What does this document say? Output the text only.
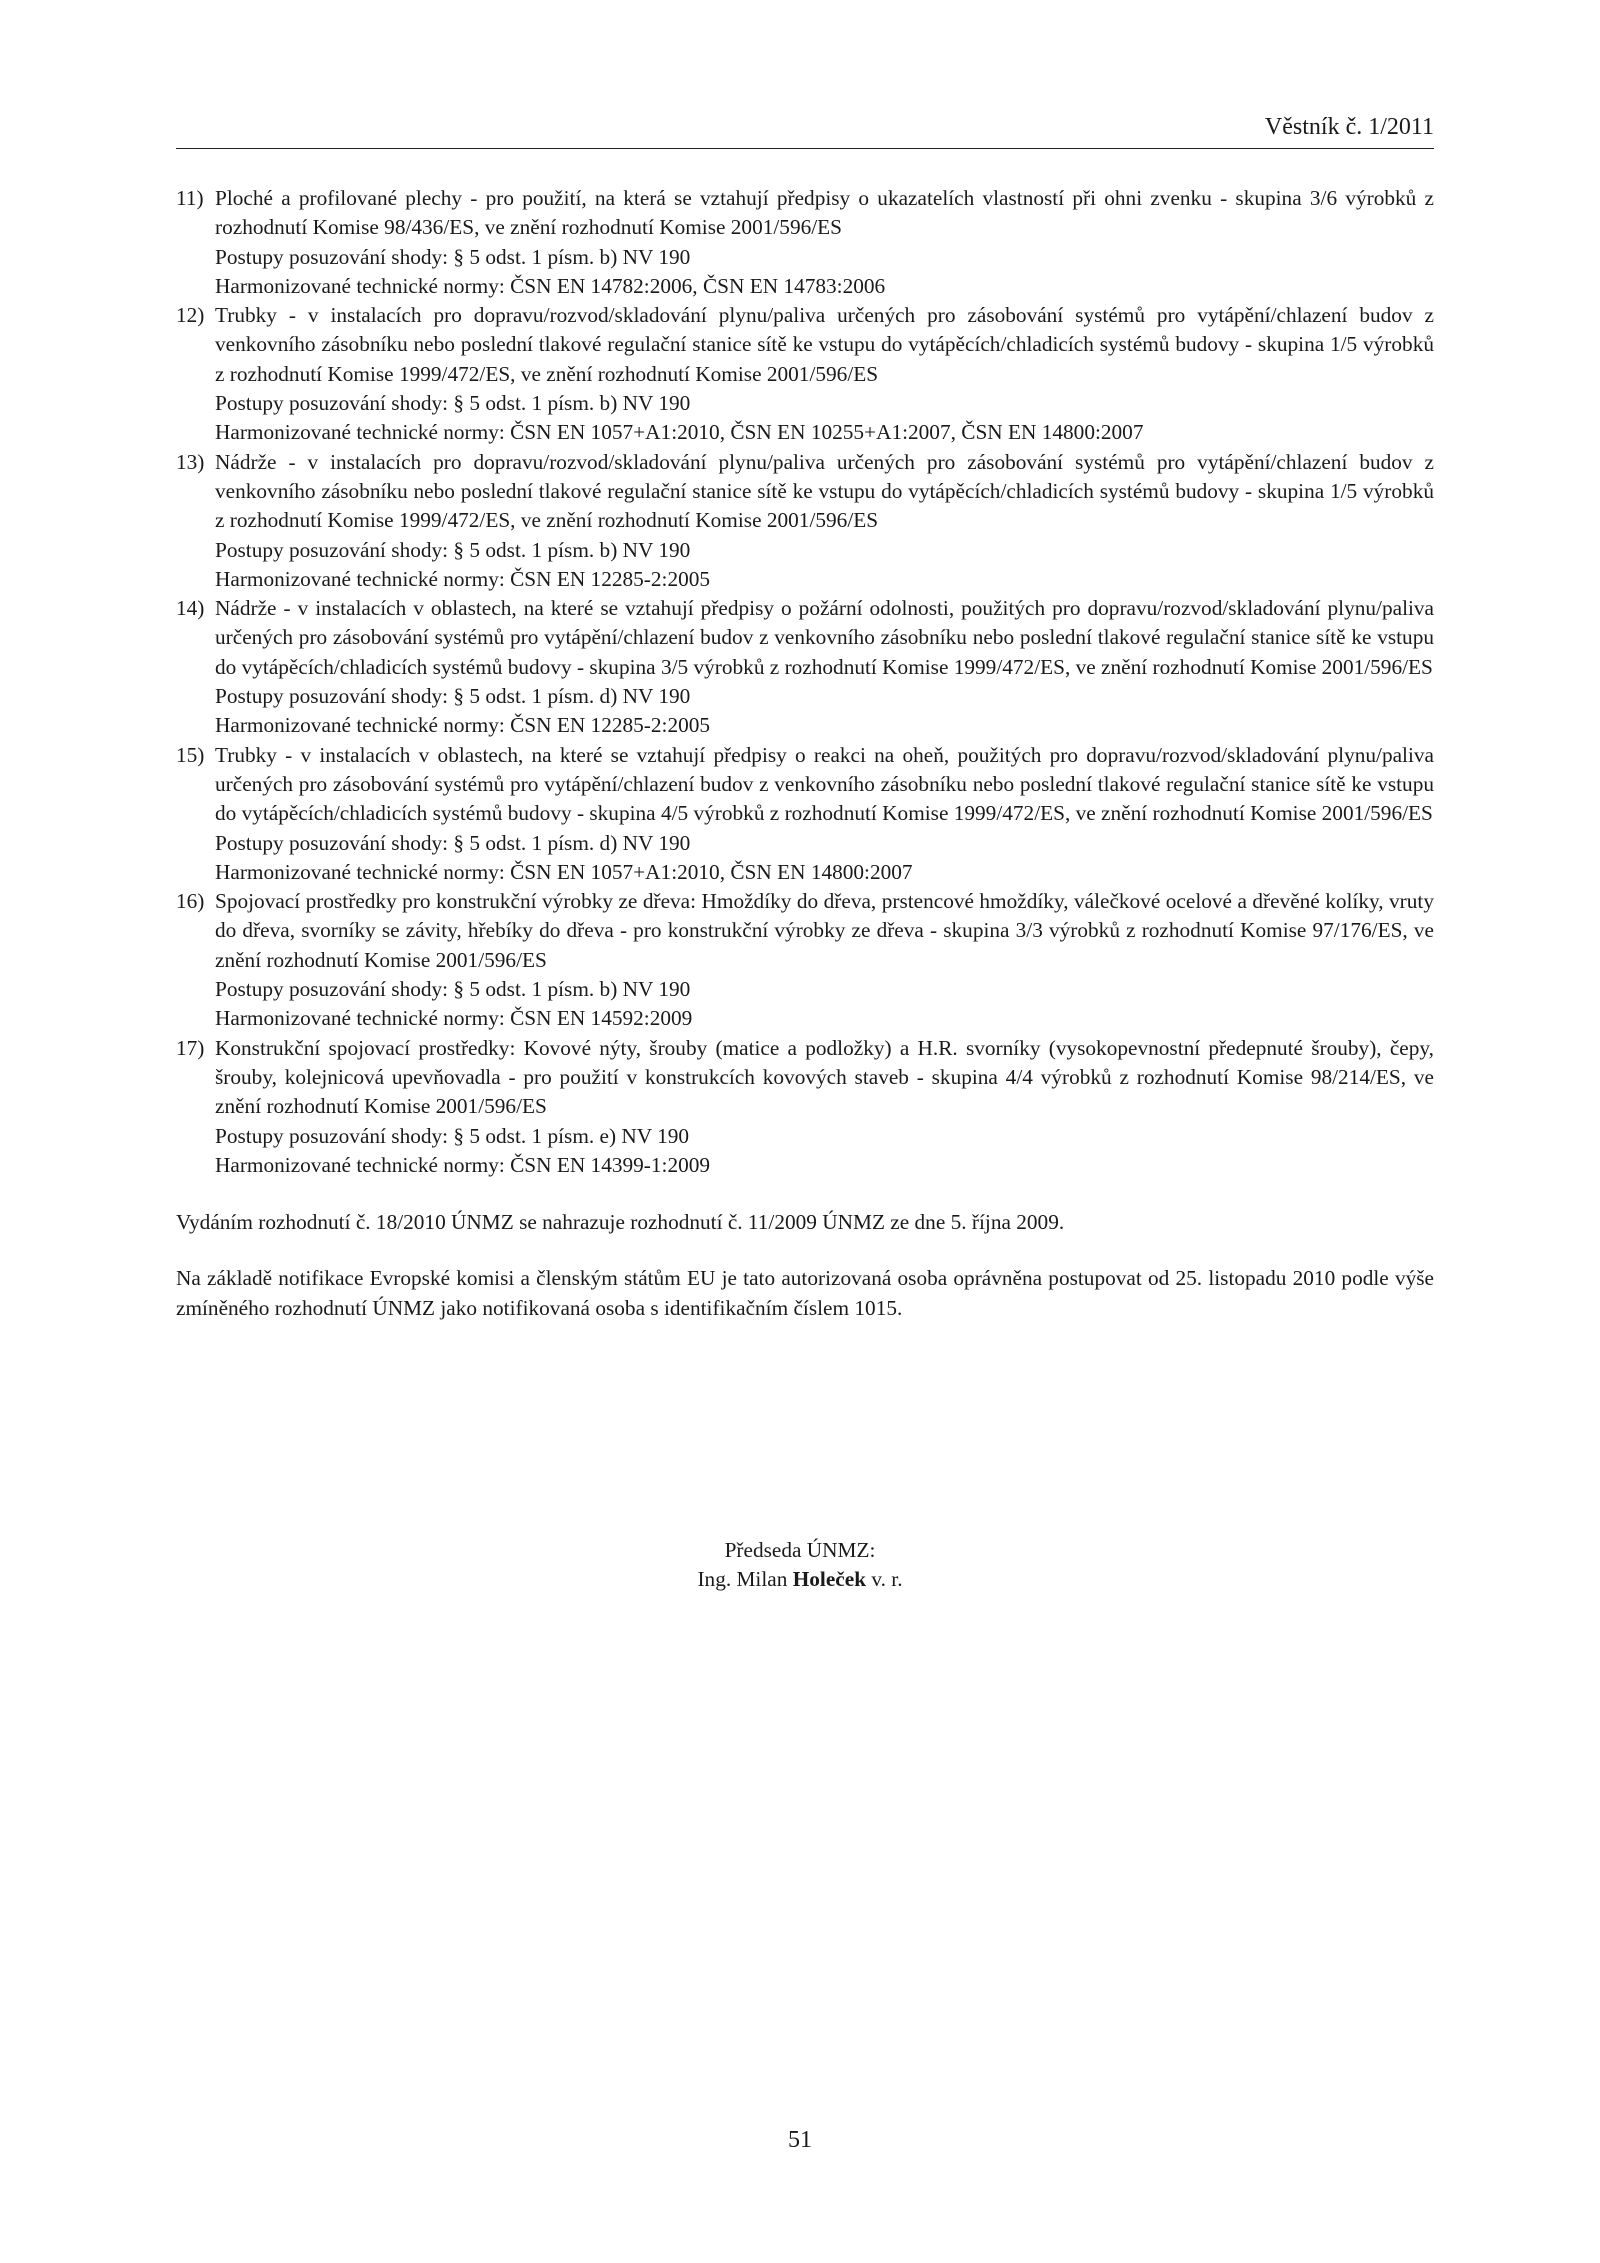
Věstník č. 1/2011
11) Ploché a profilované plechy - pro použití, na která se vztahují předpisy o ukazatelích vlastností při ohni zvenku - skupina 3/6 výrobků z rozhodnutí Komise 98/436/ES, ve znění rozhodnutí Komise 2001/596/ES
Postupy posuzování shody: § 5 odst. 1 písm. b) NV 190
Harmonizované technické normy: ČSN EN 14782:2006, ČSN EN 14783:2006
12) Trubky - v instalacích pro dopravu/rozvod/skladování plynu/paliva určených pro zásobování systémů pro vytápění/chlazení budov z venkovního zásobníku nebo poslední tlakové regulační stanice sítě ke vstupu do vytápěcích/chladicích systémů budovy - skupina 1/5 výrobků z rozhodnutí Komise 1999/472/ES, ve znění rozhodnutí Komise 2001/596/ES
Postupy posuzování shody: § 5 odst. 1 písm. b) NV 190
Harmonizované technické normy: ČSN EN 1057+A1:2010, ČSN EN 10255+A1:2007, ČSN EN 14800:2007
13) Nádrže - v instalacích pro dopravu/rozvod/skladování plynu/paliva určených pro zásobování systémů pro vytápění/chlazení budov z venkovního zásobníku nebo poslední tlakové regulační stanice sítě ke vstupu do vytápěcích/chladicích systémů budovy - skupina 1/5 výrobků z rozhodnutí Komise 1999/472/ES, ve znění rozhodnutí Komise 2001/596/ES
Postupy posuzování shody: § 5 odst. 1 písm. b) NV 190
Harmonizované technické normy: ČSN EN 12285-2:2005
14) Nádrže - v instalacích v oblastech, na které se vztahují předpisy o požární odolnosti, použitých pro dopravu/rozvod/skladování plynu/paliva určených pro zásobování systémů pro vytápění/chlazení budov z venkovního zásobníku nebo poslední tlakové regulační stanice sítě ke vstupu do vytápěcích/chladicích systémů budovy - skupina 3/5 výrobků z rozhodnutí Komise 1999/472/ES, ve znění rozhodnutí Komise 2001/596/ES
Postupy posuzování shody: § 5 odst. 1 písm. d) NV 190
Harmonizované technické normy: ČSN EN 12285-2:2005
15) Trubky - v instalacích v oblastech, na které se vztahují předpisy o reakci na oheň, použitých pro dopravu/rozvod/skladování plynu/paliva určených pro zásobování systémů pro vytápění/chlazení budov z venkovního zásobníku nebo poslední tlakové regulační stanice sítě ke vstupu do vytápěcích/chladicích systémů budovy - skupina 4/5 výrobků z rozhodnutí Komise 1999/472/ES, ve znění rozhodnutí Komise 2001/596/ES
Postupy posuzování shody: § 5 odst. 1 písm. d) NV 190
Harmonizované technické normy: ČSN EN 1057+A1:2010, ČSN EN 14800:2007
16) Spojovací prostředky pro konstrukční výrobky ze dřeva: Hmoždíky do dřeva, prstencové hmoždíky, válečkové ocelové a dřevěné kolíky, vruty do dřeva, svorníky se závity, hřebíky do dřeva - pro konstrukční výrobky ze dřeva - skupina 3/3 výrobků z rozhodnutí Komise 97/176/ES, ve znění rozhodnutí Komise 2001/596/ES
Postupy posuzování shody: § 5 odst. 1 písm. b) NV 190
Harmonizované technické normy: ČSN EN 14592:2009
17) Konstrukční spojovací prostředky: Kovové nýty, šrouby (matice a podložky) a H.R. svorníky (vysokopevnostní předepnuté šrouby), čepy, šrouby, kolejnicová upevňovadla - pro použití v konstrukcích kovových staveb - skupina 4/4 výrobků z rozhodnutí Komise 98/214/ES, ve znění rozhodnutí Komise 2001/596/ES
Postupy posuzování shody: § 5 odst. 1 písm. e) NV 190
Harmonizované technické normy: ČSN EN 14399-1:2009
Vydáním rozhodnutí č. 18/2010 ÚNMZ se nahrazuje rozhodnutí č. 11/2009 ÚNMZ ze dne 5. října 2009.
Na základě notifikace Evropské komisi a členským státům EU je tato autorizovaná osoba oprávněna postupovat od 25. listopadu 2010 podle výše zmíněného rozhodnutí ÚNMZ jako notifikovaná osoba s identifikačním číslem 1015.
Předseda ÚNMZ:
Ing. Milan Holeček v. r.
51
